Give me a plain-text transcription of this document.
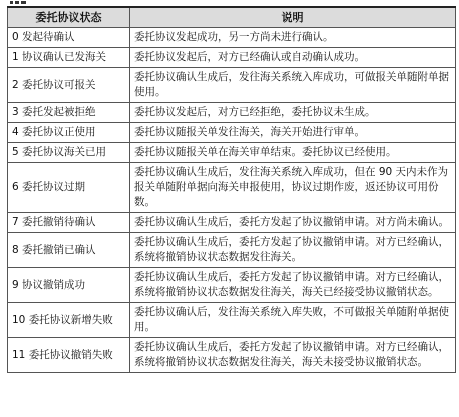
委托协议状态	说明
0 发起待确认	委托协议发起成功，另一方尚未进行确认。
1 协议确认已发海关	委托协议发起后，对方已经确认或自动确认成功。
2 委托协议可报关	委托协议确认生成后，发往海关系统入库成功，可做报关单随附单据使用。
3 委托发起被拒绝	委托协议发起后，对方已经拒绝，委托协议未生成。
4 委托协议正使用	委托协议随报关单发往海关，海关开始进行审单。
5 委托协议海关已用	委托协议随报关单在海关审单结束。委托协议已经使用。
6 委托协议过期	委托协议确认生成后，发往海关系统入库成功，但在 90 天内未作为报关单随附单据向海关申报使用，协议过期作废，返还协议可用份数。
7 委托撤销待确认	委托协议确认生成后，委托方发起了协议撤销申请。对方尚未确认。
8 委托撤销已确认	委托协议确认生成后，委托方发起了协议撤销申请。对方已经确认，系统将撤销协议状态数据发往海关。
9 协议撤销成功	委托协议确认生成后，委托方发起了协议撤销申请。对方已经确认，系统将撤销协议状态数据发往海关，海关已经接受协议撤销状态。
10 委托协议新增失败	委托协议确认后，发往海关系统入库失败，不可做报关单随附单据使用。
11 委托协议撤销失败	委托协议确认生成后，委托方发起了协议撤销申请。对方已经确认，系统将撤销协议状态数据发往海关，海关未接受协议撤销状态。
